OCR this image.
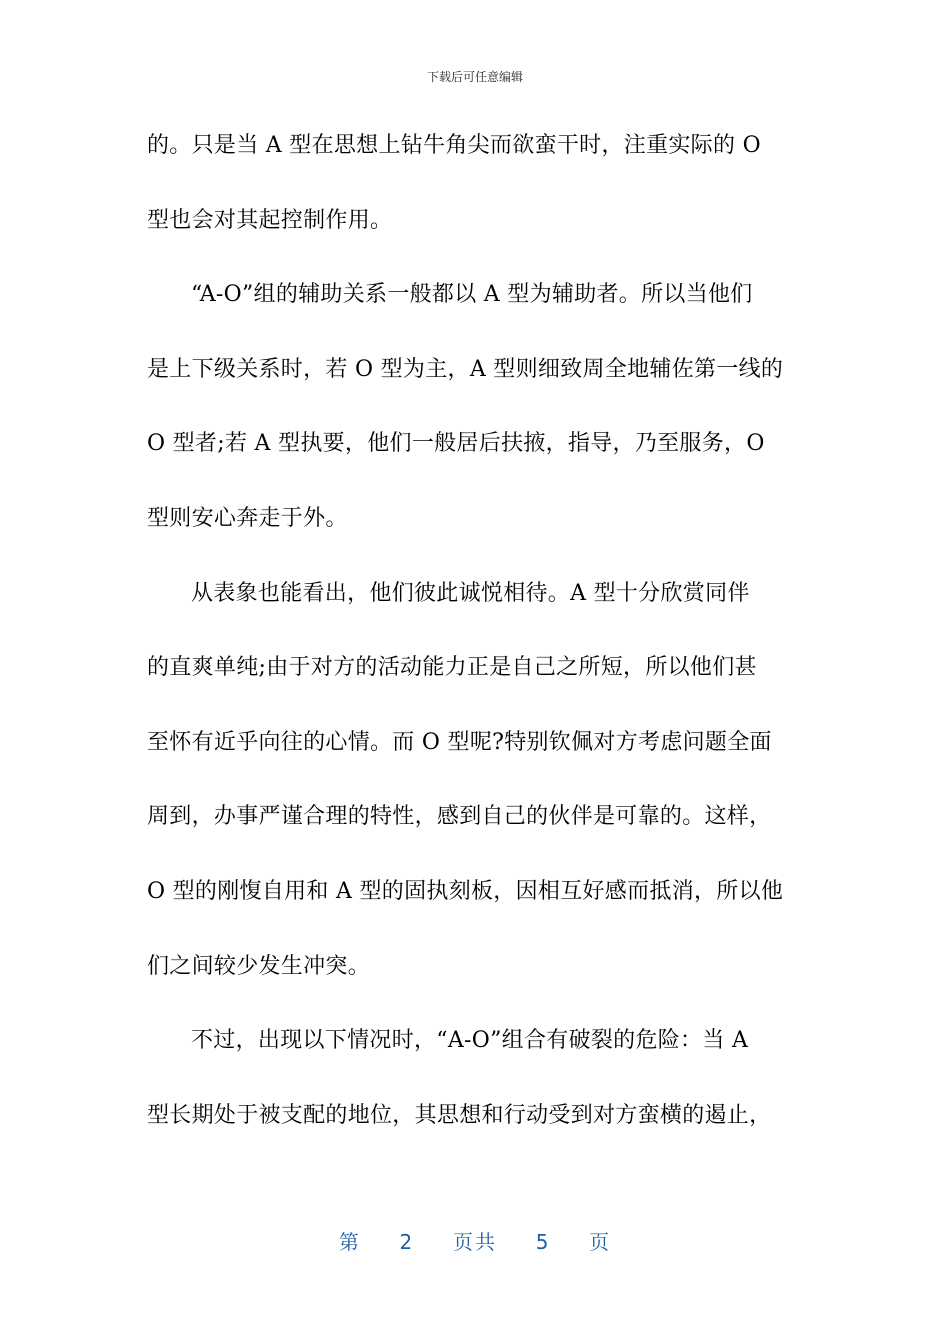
下载后可任意编辑
的。只是当 A 型在思想上钻牛角尖而欲蛮干时，注重实际的 O
型也会对其起控制作用。
“A-O”组的辅助关系一般都以 A 型为辅助者。所以当他们
是上下级关系时，若 O 型为主，A 型则细致周全地辅佐第一线的
O 型者;若 A 型执要，他们一般居后扶掖，指导，乃至服务，O
型则安心奔走于外。
从表象也能看出，他们彼此诚悦相待。A 型十分欣赏同伴
的直爽单纯;由于对方的活动能力正是自己之所短，所以他们甚
至怀有近乎向往的心情。而 O 型呢?特别钦佩对方考虑问题全面
周到，办事严谨合理的特性，感到自己的伙伴是可靠的。这样，
O 型的刚愎自用和 A 型的固执刻板，因相互好感而抵消，所以他
们之间较少发生冲突。
不过，出现以下情况时，“A-O”组合有破裂的危险：当 A
型长期处于被支配的地位，其思想和行动受到对方蛮横的遏止，
第 2 页共 5 页
